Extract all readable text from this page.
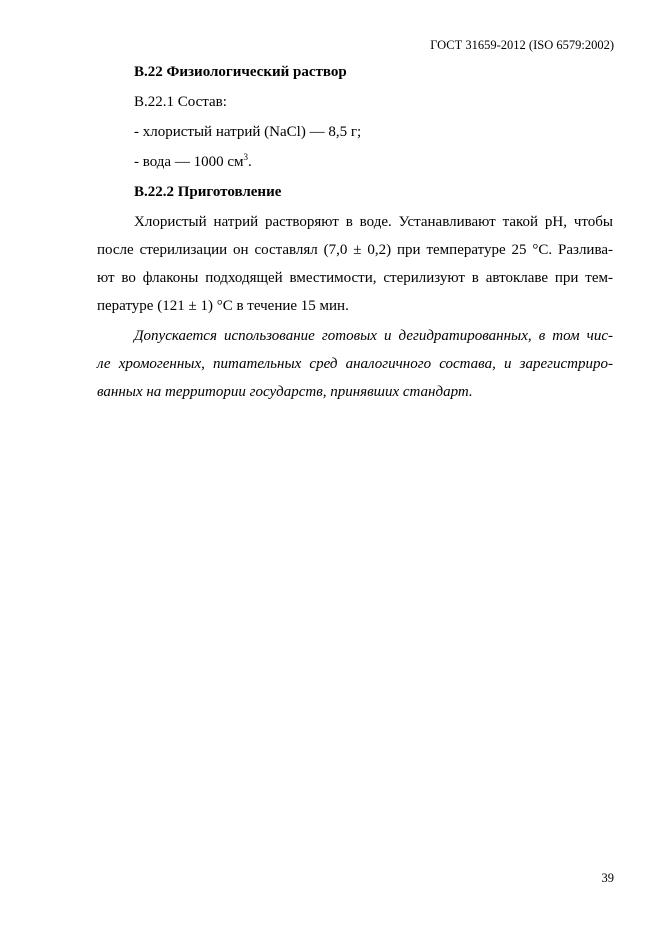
ГОСТ 31659-2012 (ISO 6579:2002)

B.22 Физиологический раствор

B.22.1 Состав:

- хлористый натрий (NaCl) — 8,5 г;

- вода — 1000 $см^3$.

B.22.2 Приготовление

Хлористый натрий растворяют в воде. Устанавливают такой pH, чтобы

после стерилизации он составлял (7,0 ± 0,2) при температуре 25 °С. Разлива-

ют во флаконы подходящей вместимости, стерилизуют в автоклаве при тем-

пературе (121 ± 1) °С в течение 15 мин.

Допускается использование готовых и дегидратированных, в том чис-

ле хромогенных, питательных сред аналогичного состава, и зарегистриро-

ванных на территории государств, принявших стандарт.

39
